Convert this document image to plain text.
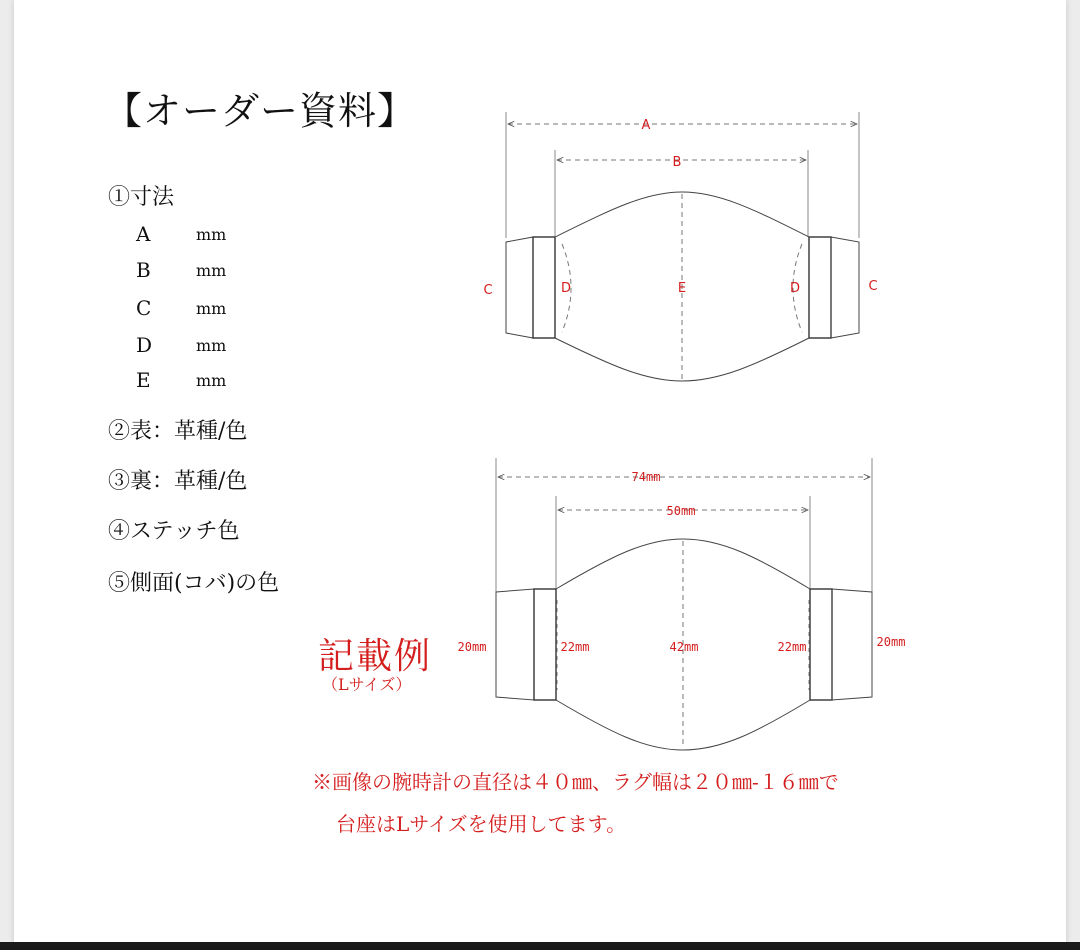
【オーダー資料】
①寸法
A	mm
B	mm
C	mm
D	mm
E	mm
②表：革種/色
③裏：革種/色
④ステッチ色
⑤側面(コバ)の色
記載例
（Lサイズ）
※画像の腕時計の直径は４０㎜、ラグ幅は２０㎜‐１６㎜で
台座はLサイズを使用してます。
A
B
C	C
D	D
E
74mm
50mm
20mm	20mm
22mm	22mm
42mm
